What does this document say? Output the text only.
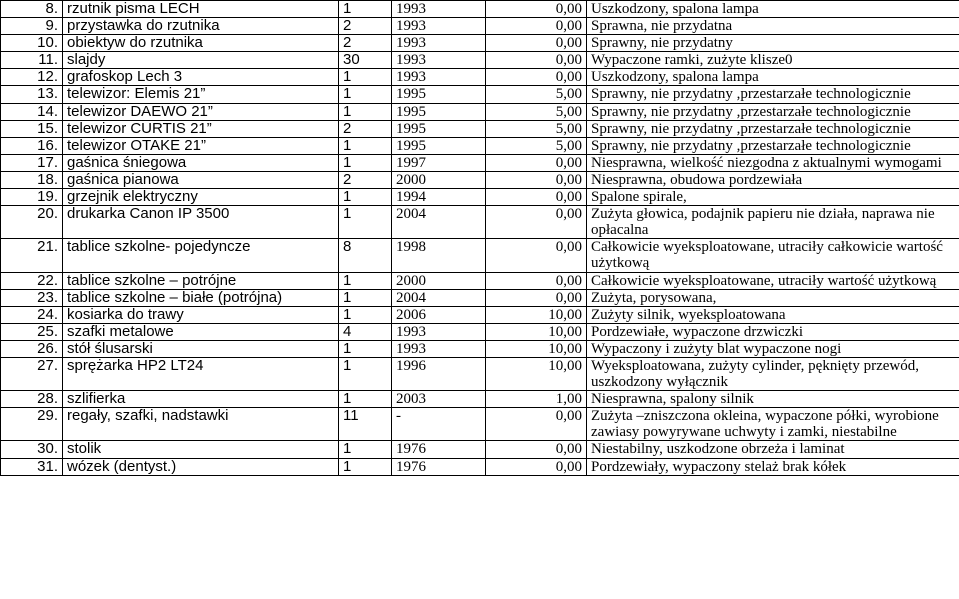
8.	rzutnik pisma LECH	1	1993	0,00	Uszkodzony, spalona lampa
9.	przystawka do rzutnika	2	1993	0,00	Sprawna, nie przydatna
10.	obiektyw do rzutnika	2	1993	0,00	Sprawny, nie przydatny
11.	slajdy	30	1993	0,00	Wypaczone ramki, zużyte klisze0
12.	grafoskop Lech 3	1	1993	0,00	Uszkodzony, spalona lampa
13.	telewizor: Elemis 21”	1	1995	5,00	Sprawny, nie przydatny ,przestarzałe technologicznie
14.	telewizor DAEWO 21”	1	1995	5,00	Sprawny, nie przydatny ,przestarzałe technologicznie
15.	telewizor CURTIS 21”	2	1995	5,00	Sprawny, nie przydatny ,przestarzałe technologicznie
16.	telewizor OTAKE 21”	1	1995	5,00	Sprawny, nie przydatny ,przestarzałe technologicznie
17.	gaśnica śniegowa	1	1997	0,00	Niesprawna, wielkość niezgodna z aktualnymi wymogami
18.	gaśnica pianowa	2	2000	0,00	Niesprawna, obudowa pordzewiała
19.	grzejnik elektryczny	1	1994	0,00	Spalone spirale,
20.	drukarka Canon IP 3500	1	2004	0,00	Zużyta głowica, podajnik papieru nie działa, naprawa nie opłacalna
21.	tablice szkolne- pojedyncze	8	1998	0,00	Całkowicie wyeksploatowane, utraciły całkowicie wartość użytkową
22.	tablice szkolne – potrójne	1	2000	0,00	Całkowicie wyeksploatowane, utraciły wartość użytkową
23.	tablice szkolne – białe (potrójna)	1	2004	0,00	Zużyta, porysowana,
24.	kosiarka do trawy	1	2006	10,00	Zużyty silnik, wyeksploatowana
25.	szafki metalowe	4	1993	10,00	Pordzewiałe, wypaczone drzwiczki
26.	stół ślusarski	1	1993	10,00	Wypaczony i zużyty blat wypaczone nogi
27.	sprężarka HP2 LT24	1	1996	10,00	Wyeksploatowana, zużyty cylinder, pęknięty przewód, uszkodzony wyłącznik
28.	szlifierka	1	2003	1,00	Niesprawna, spalony silnik
29.	regały, szafki, nadstawki	11	-	0,00	Zużyta –zniszczona okleina, wypaczone półki, wyrobione zawiasy powyrywane uchwyty i zamki, niestabilne
30.	stolik	1	1976	0,00	Niestabilny, uszkodzone obrzeża i laminat
31.	wózek (dentyst.)	1	1976	0,00	Pordzewiały, wypaczony stelaż brak kółek
